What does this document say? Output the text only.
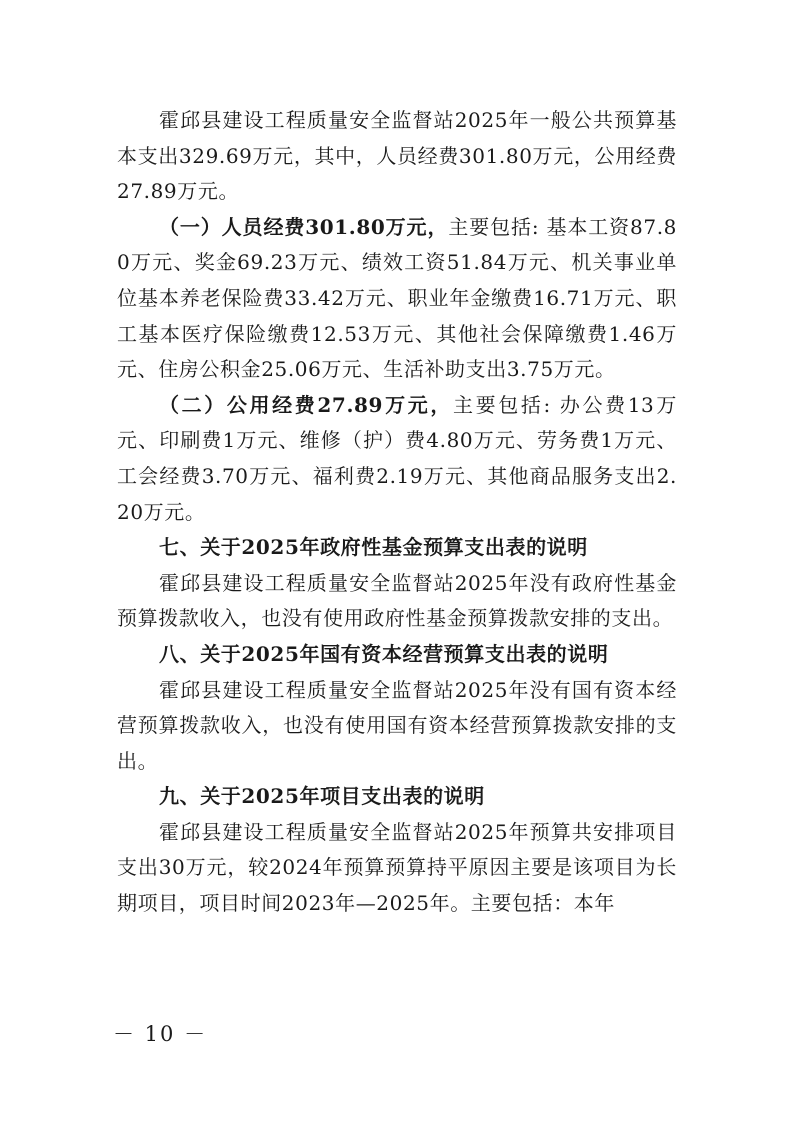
霍邱县建设工程质量安全监督站2025年一般公共预算基本支出329.69万元，其中，人员经费301.80万元，公用经费27.89万元。

（一）人员经费301.80万元，主要包括: 基本工资87.80万元、奖金69.23万元、绩效工资51.84万元、机关事业单位基本养老保险费33.42万元、职业年金缴费16.71万元、职工基本医疗保险缴费12.53万元、其他社会保障缴费1.46万元、住房公积金25.06万元、生活补助支出3.75万元。

（二）公用经费27.89万元，主要包括: 办公费13万元、印刷费1万元、维修（护）费4.80万元、劳务费1万元、工会经费3.70万元、福利费2.19万元、其他商品服务支出2.20万元。

七、关于2025年政府性基金预算支出表的说明

霍邱县建设工程质量安全监督站2025年没有政府性基金预算拨款收入，也没有使用政府性基金预算拨款安排的支出。

八、关于2025年国有资本经营预算支出表的说明

霍邱县建设工程质量安全监督站2025年没有国有资本经营预算拨款收入，也没有使用国有资本经营预算拨款安排的支出。

九、关于2025年项目支出表的说明

霍邱县建设工程质量安全监督站2025年预算共安排项目支出30万元，较2024年预算预算持平原因主要是该项目为长期项目，项目时间2023年—2025年。主要包括：本年

－ 10 －
